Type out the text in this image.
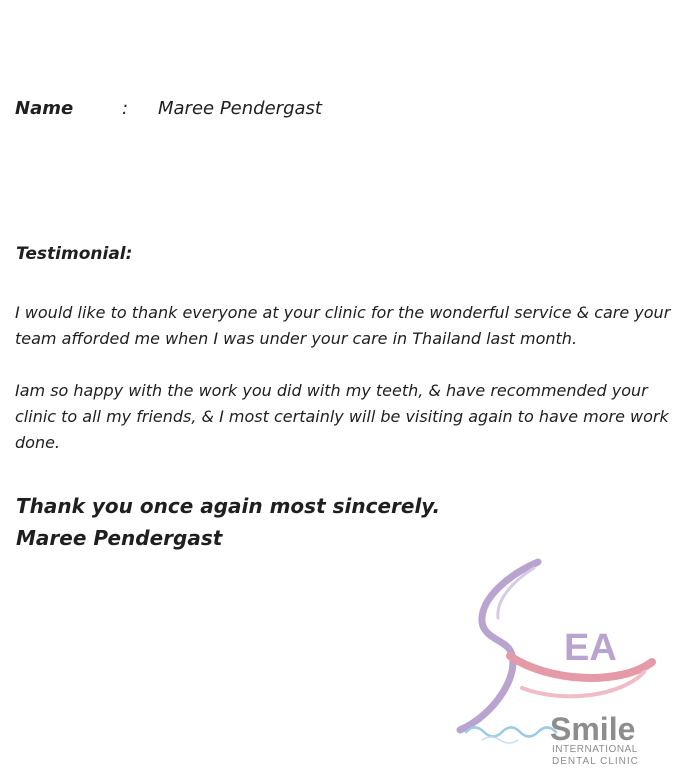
Name	: Maree Pendergast
Testimonial:

I would like to thank everyone at your clinic for the wonderful service & care your team afforded me when I was under your care in Thailand last month.

Iam so happy with the work you did with my teeth, & have recommended your clinic to all my friends, & I most certainly will be visiting again to have more work done.

Thank you once again most sincerely.
Maree Pendergast
EA
Smile
INTERNATIONAL
DENTAL CLINIC
